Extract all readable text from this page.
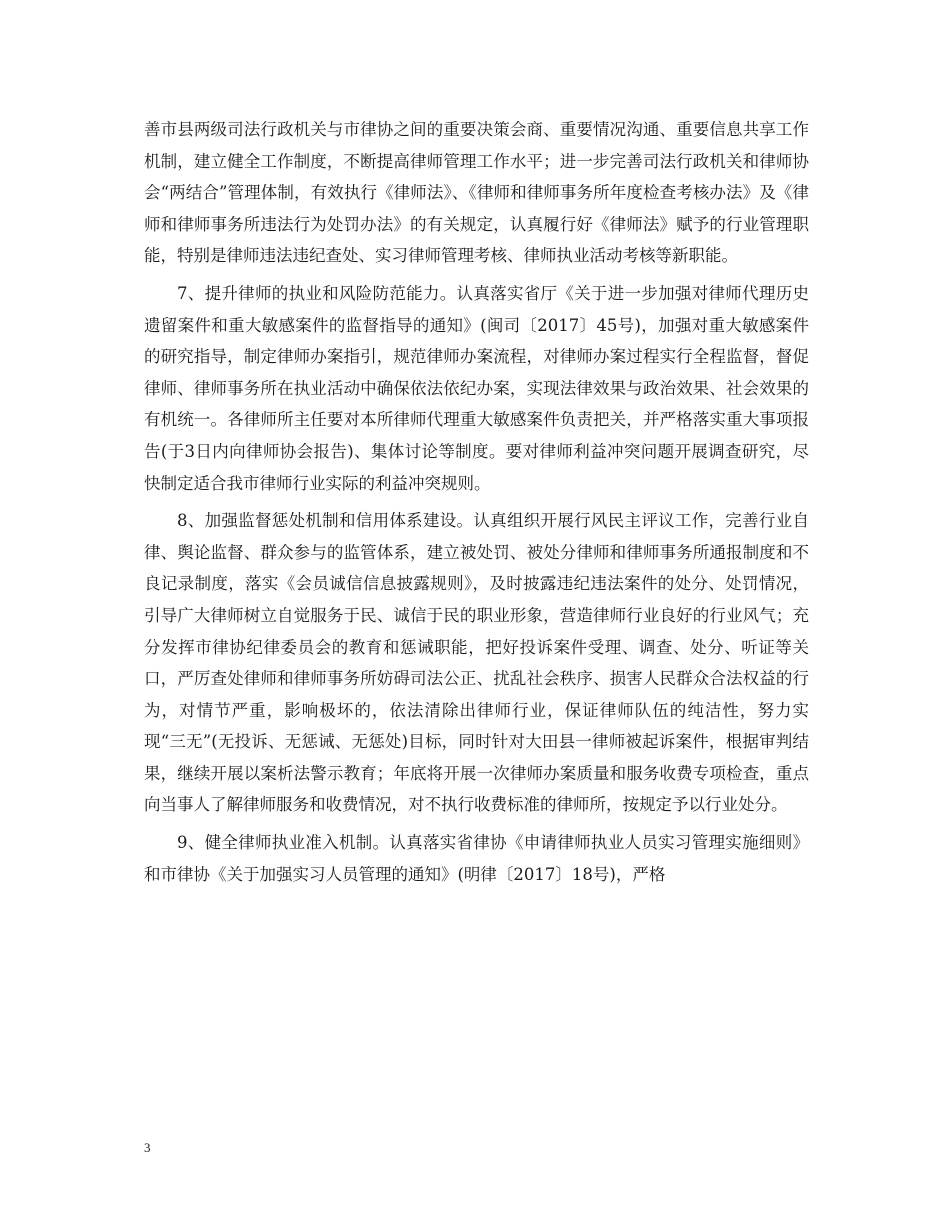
善市县两级司法行政机关与市律协之间的重要决策会商、重要情况沟通、重要信息共享工作机制，建立健全工作制度，不断提高律师管理工作水平；进一步完善司法行政机关和律师协会“两结合”管理体制，有效执行《律师法》、《律师和律师事务所年度检查考核办法》及《律师和律师事务所违法行为处罚办法》的有关规定，认真履行好《律师法》赋予的行业管理职能，特别是律师违法违纪查处、实习律师管理考核、律师执业活动考核等新职能。

7、提升律师的执业和风险防范能力。认真落实省厅《关于进一步加强对律师代理历史遗留案件和重大敏感案件的监督指导的通知》(闽司〔2017〕45号)，加强对重大敏感案件的研究指导，制定律师办案指引，规范律师办案流程，对律师办案过程实行全程监督，督促律师、律师事务所在执业活动中确保依法依纪办案，实现法律效果与政治效果、社会效果的有机统一。各律师所主任要对本所律师代理重大敏感案件负责把关，并严格落实重大事项报告(于3日内向律师协会报告)、集体讨论等制度。要对律师利益冲突问题开展调查研究，尽快制定适合我市律师行业实际的利益冲突规则。

8、加强监督惩处机制和信用体系建设。认真组织开展行风民主评议工作，完善行业自律、舆论监督、群众参与的监管体系，建立被处罚、被处分律师和律师事务所通报制度和不良记录制度，落实《会员诚信信息披露规则》，及时披露违纪违法案件的处分、处罚情况，引导广大律师树立自觉服务于民、诚信于民的职业形象，营造律师行业良好的行业风气；充分发挥市律协纪律委员会的教育和惩诫职能，把好投诉案件受理、调查、处分、听证等关口，严厉查处律师和律师事务所妨碍司法公正、扰乱社会秩序、损害人民群众合法权益的行为，对情节严重，影响极坏的，依法清除出律师行业，保证律师队伍的纯洁性，努力实现“三无”(无投诉、无惩诫、无惩处)目标，同时针对大田县一律师被起诉案件，根据审判结果，继续开展以案析法警示教育；年底将开展一次律师办案质量和服务收费专项检查，重点向当事人了解律师服务和收费情况，对不执行收费标准的律师所，按规定予以行业处分。

9、健全律师执业准入机制。认真落实省律协《申请律师执业人员实习管理实施细则》和市律协《关于加强实习人员管理的通知》(明律〔2017〕18号)，严格

3
